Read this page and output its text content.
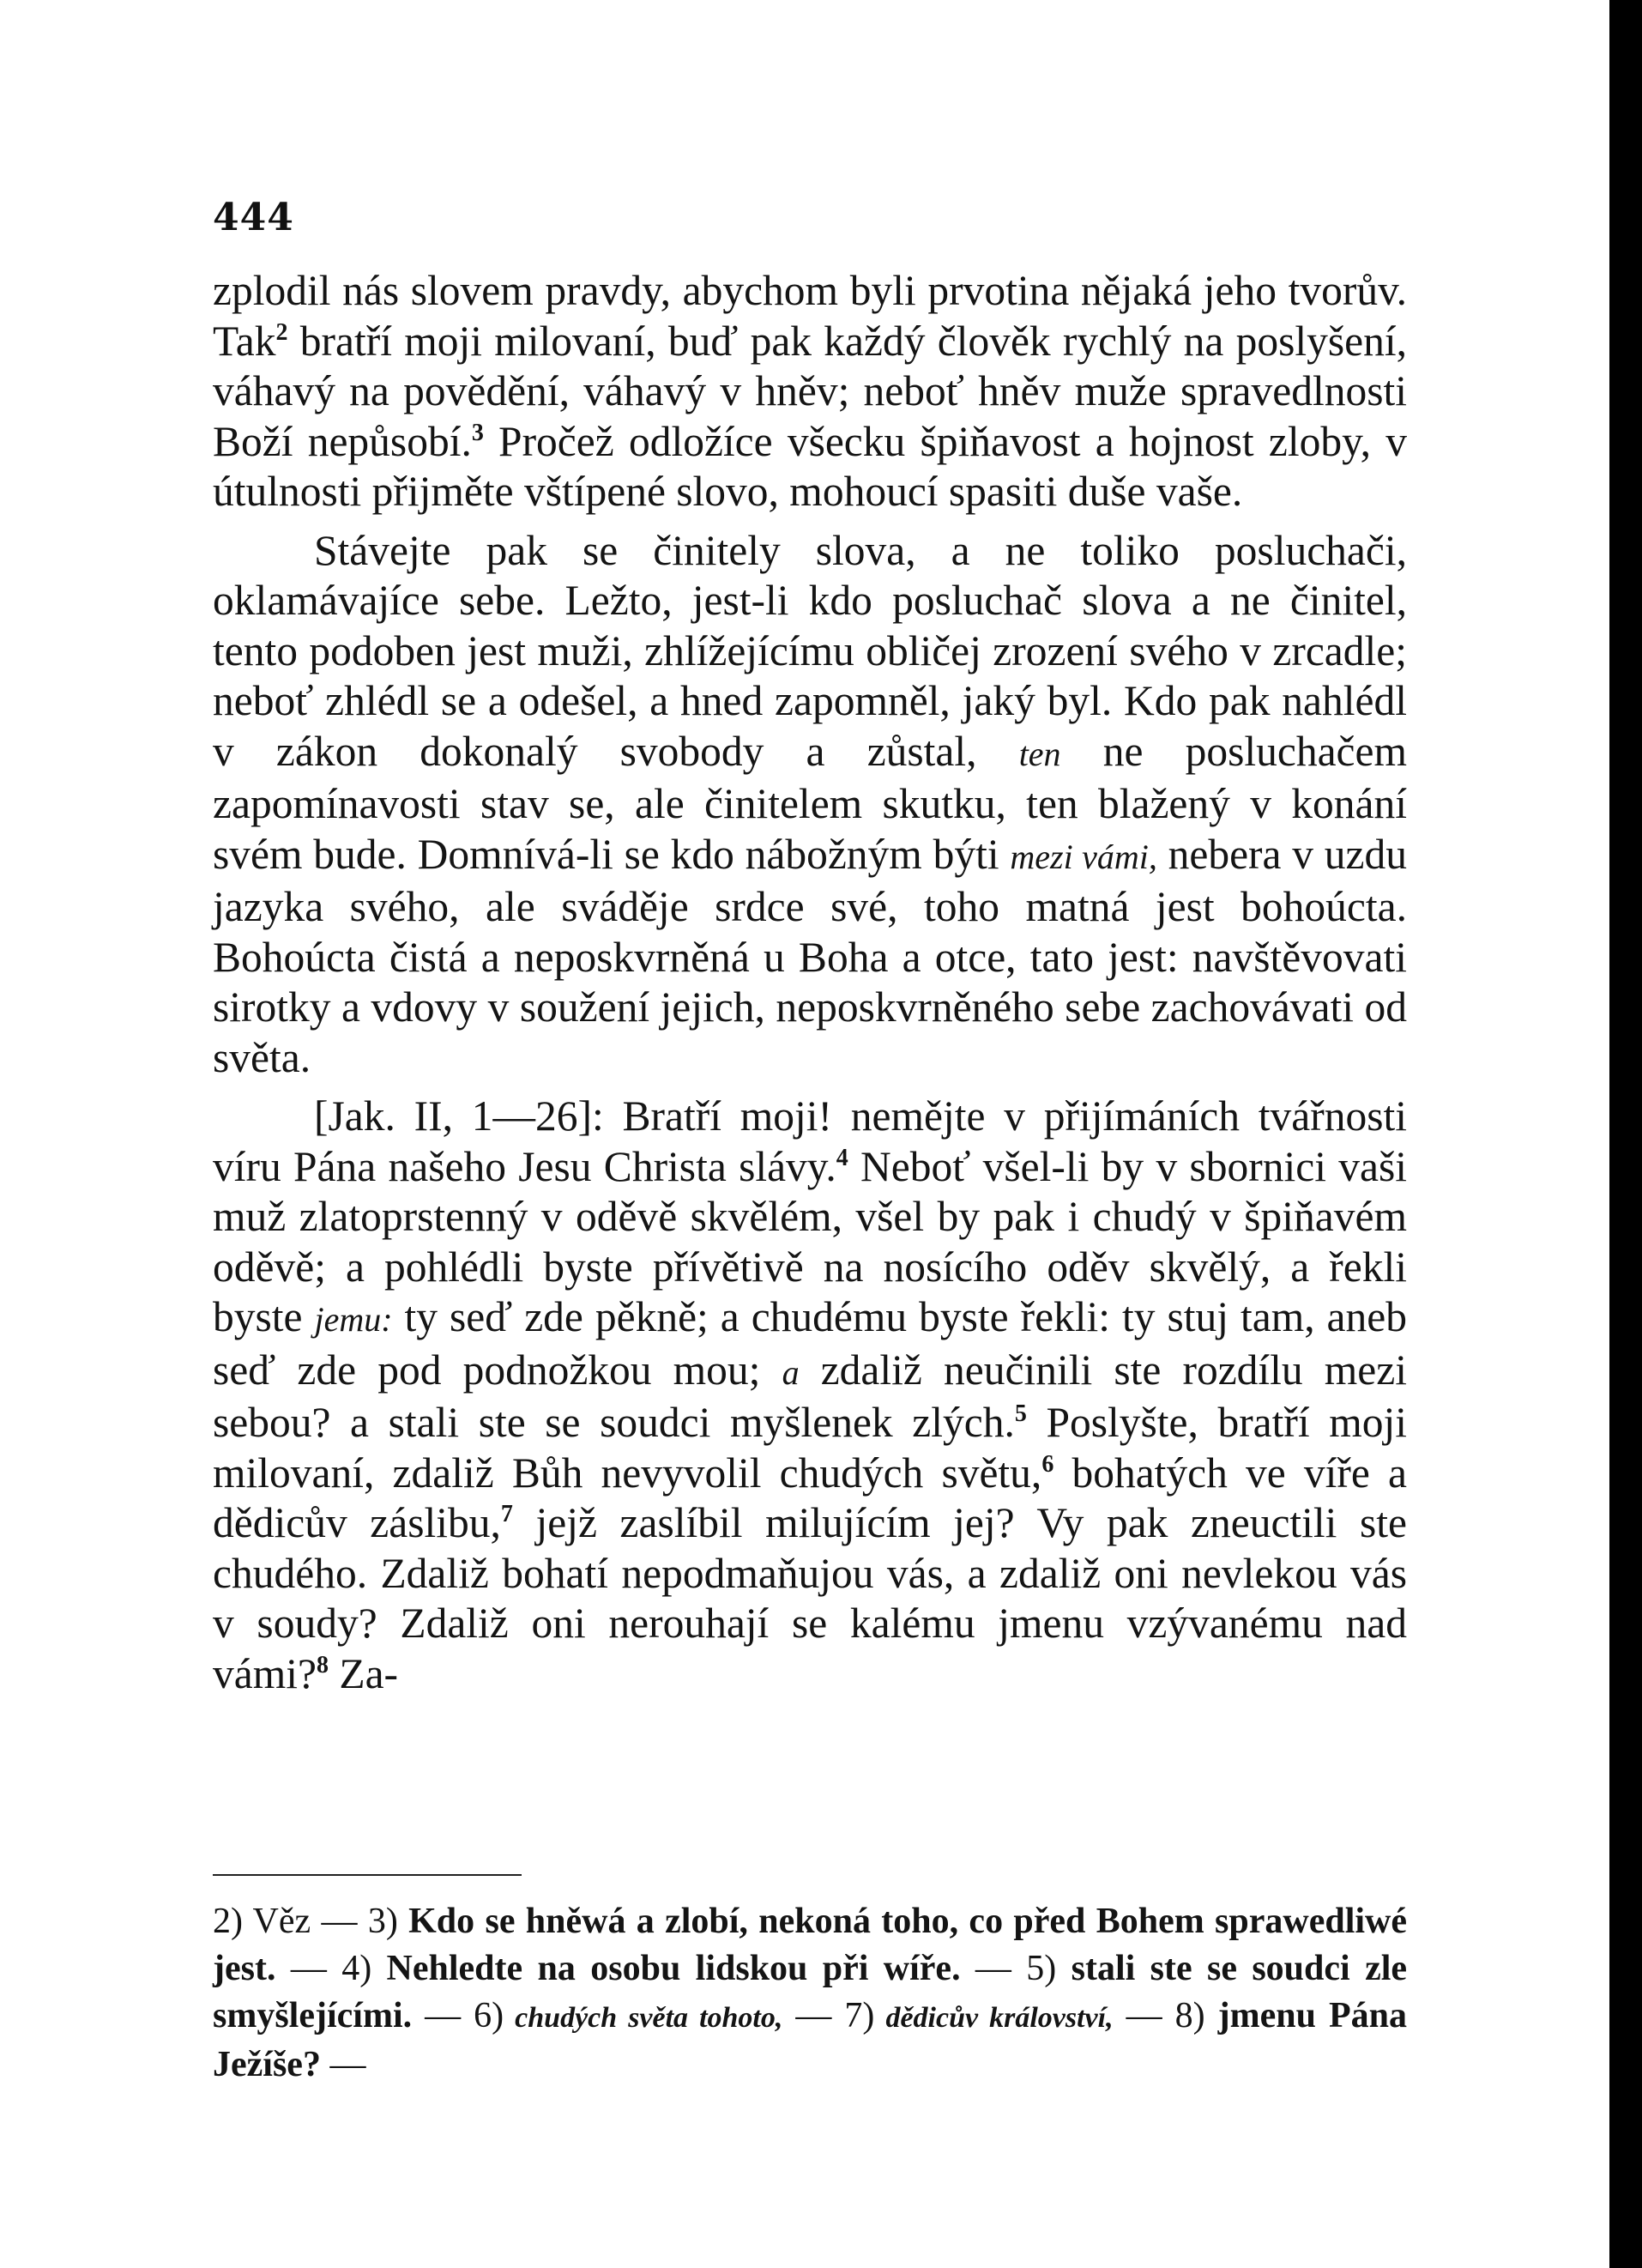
444

zplodil nás slovem pravdy, abychom byli prvotina nějaká jeho tvorův. Tak$^2$ bratří moji milovaní, buď pak každý člověk rychlý na poslyšení, váhavý na povědění, váhavý v hněv; neboť hněv muže spravedlnosti Boží nepůsobí.$^3$ Pročež odložíce všecku špiňavost a hojnost zloby, v útulnosti přijměte vštípené slovo, mohoucí spasiti duše vaše.

Stávejte pak se činitely slova, a ne toliko posluchači, oklamávajíce sebe. Ležto, jest-li kdo posluchač slova a ne činitel, tento podoben jest muži, zhlížejícímu obličej zrození svého v zrcadle; neboť zhlédl se a odešel, a hned zapomněl, jaký byl. Kdo pak nahlédl v zákon dokonalý svobody a zůstal, ten ne posluchačem zapomínavosti stav se, ale činitelem skutku, ten blažený v konání svém bude. Domnívá-li se kdo nábožným býti mezi vámi, nebera v uzdu jazyka svého, ale sváděje srdce své, toho matná jest bohoúcta. Bohoúcta čistá a neposkvrněná u Boha a otce, tato jest: navštěvovati sirotky a vdovy v soužení jejich, neposkvrněného sebe zachovávati od světa.

[Jak. II, 1—26]: Bratří moji! nemějte v přijímáních tvářnosti víru Pána našeho Jesu Christa slávy.$^4$ Neboť všel-li by v sbornici vaši muž zlatoprstenný v oděvě skvělém, všel by pak i chudý v špiňavém oděvě; a pohlédli byste přívětivě na nosícího oděv skvělý, a řekli byste jemu: ty seď zde pěkně; a chudému byste řekli: ty stuj tam, aneb seď zde pod podnožkou mou; a zdaliž neučinili ste rozdílu mezi sebou? a stali ste se soudci myšlenek zlých.$^5$ Poslyšte, bratří moji milovaní, zdaliž Bůh nevyvolil chudých světu,$^6$ bohatých ve víře a dědicův záslibu,$^7$ jejž zaslíbil milujícím jej? Vy pak zneuctili ste chudého. Zdaliž bohatí nepodmaňujou vás, a zdaliž oni nevlekou vás v soudy? Zdaliž oni nerouhají se kalému jmenu vzývanému nad vámi?$^8$ Za-

2) Věz — 3) Kdo se hněwá a zlobí, nekoná toho, co před Bohem sprawedliwé jest. — 4) Nehledte na osobu lidskou při wíře. — 5) stali ste se soudci zle smyšlejícími. — 6) chudých světa tohoto, — 7) dědicův království, — 8) jmenu Pána Ježíše? —
